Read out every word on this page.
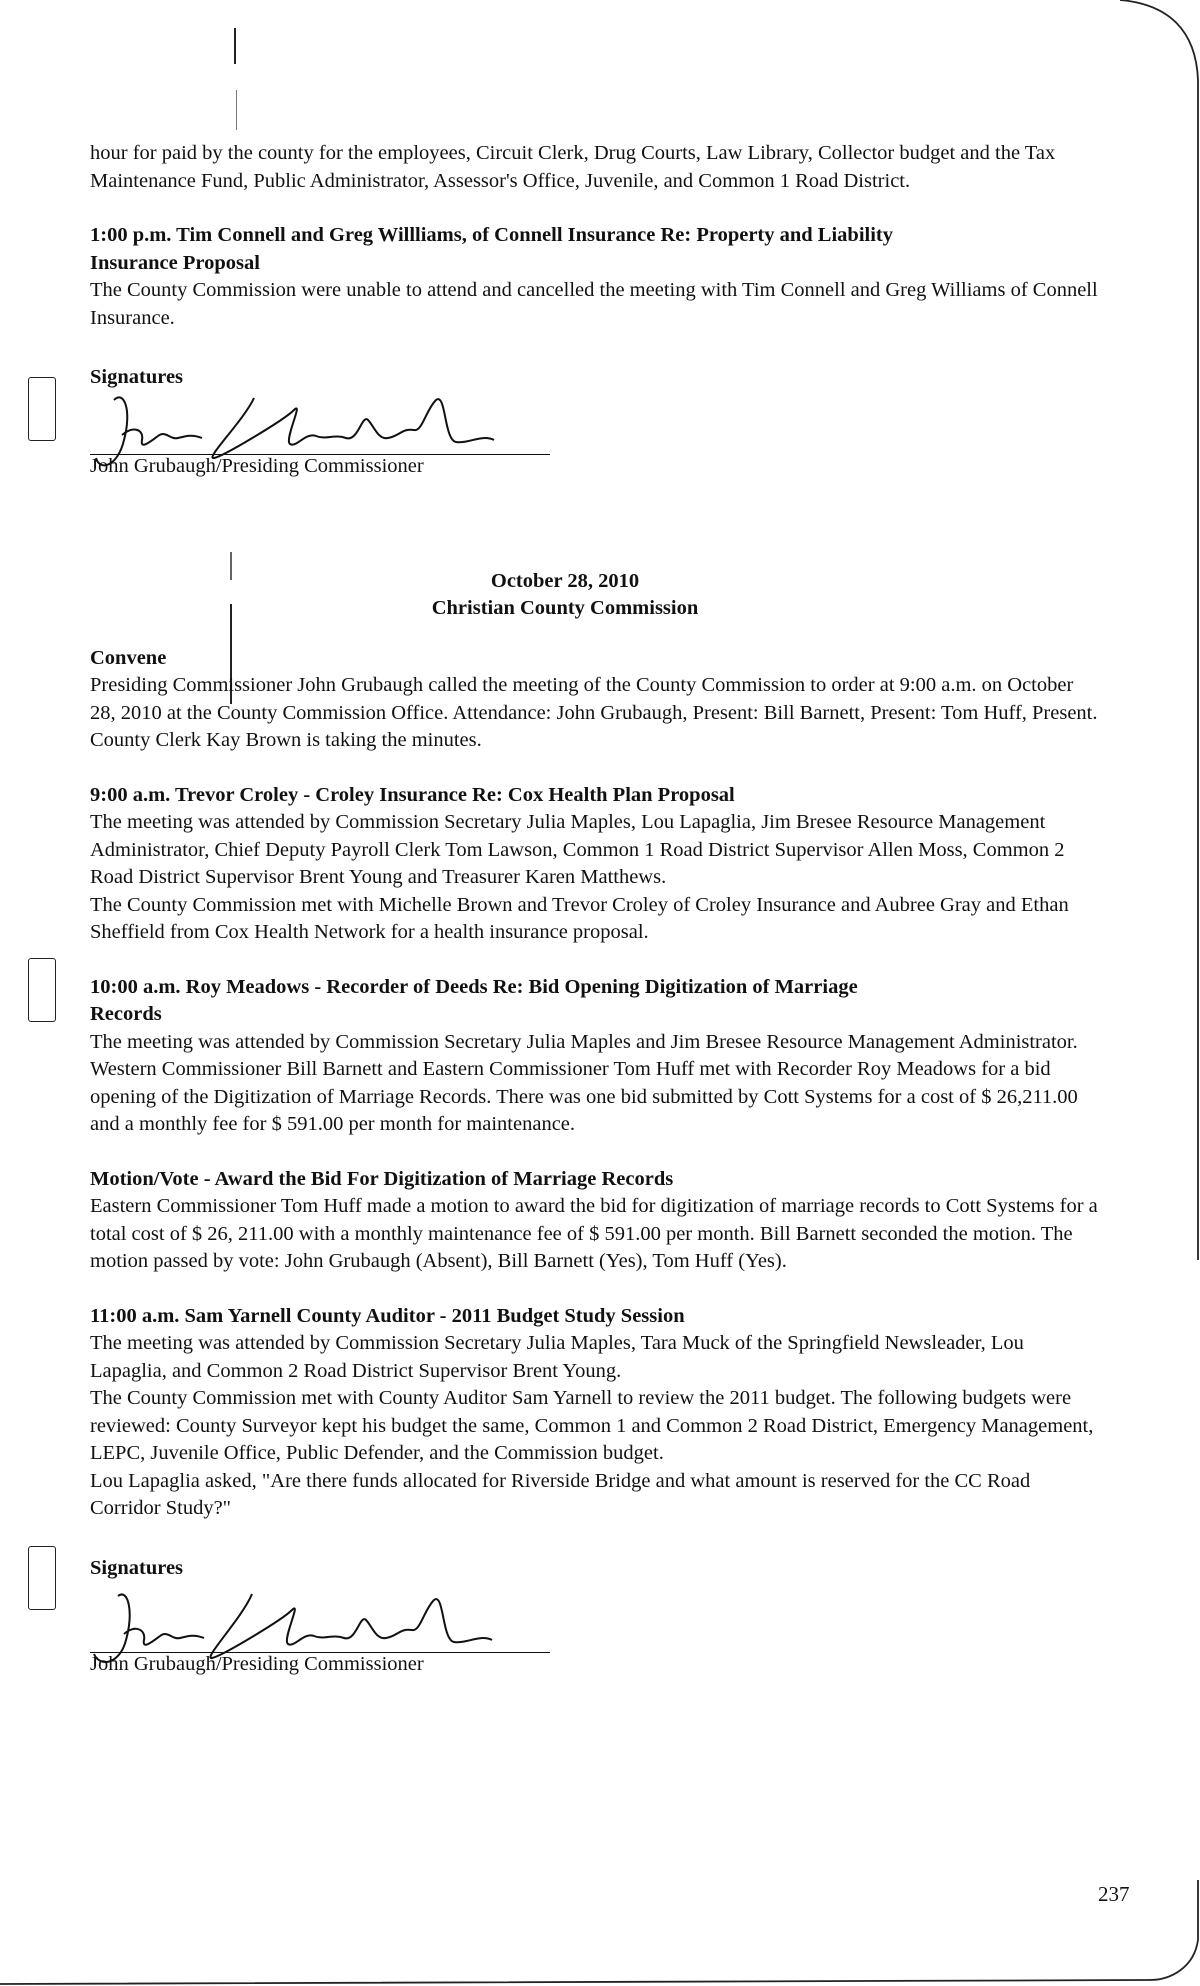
hour for paid by the county for the employees, Circuit Clerk, Drug Courts, Law Library, Collector budget and the Tax Maintenance Fund, Public Administrator, Assessor's Office, Juvenile, and Common 1 Road District.

1:00 p.m. Tim Connell and Greg Willliams, of Connell Insurance Re: Property and Liability Insurance Proposal

The County Commission were unable to attend and cancelled the meeting with Tim Connell and Greg Williams of Connell Insurance.

Signatures

John Grubaugh/Presiding Commissioner

October 28, 2010

Christian County Commission

Convene

Presiding Commissioner John Grubaugh called the meeting of the County Commission to order at 9:00 a.m. on October 28, 2010 at the County Commission Office. Attendance: John Grubaugh, Present: Bill Barnett, Present: Tom Huff, Present. County Clerk Kay Brown is taking the minutes.

9:00 a.m. Trevor Croley - Croley Insurance Re: Cox Health Plan Proposal

The meeting was attended by Commission Secretary Julia Maples, Lou Lapaglia, Jim Bresee Resource Management Administrator, Chief Deputy Payroll Clerk Tom Lawson, Common 1 Road District Supervisor Allen Moss, Common 2 Road District Supervisor Brent Young and Treasurer Karen Matthews.

The County Commission met with Michelle Brown and Trevor Croley of Croley Insurance and Aubree Gray and Ethan Sheffield from Cox Health Network for a health insurance proposal.

10:00 a.m. Roy Meadows - Recorder of Deeds Re: Bid Opening Digitization of Marriage Records

The meeting was attended by Commission Secretary Julia Maples and Jim Bresee Resource Management Administrator.

Western Commissioner Bill Barnett and Eastern Commissioner Tom Huff met with Recorder Roy Meadows for a bid opening of the Digitization of Marriage Records. There was one bid submitted by Cott Systems for a cost of $ 26,211.00 and a monthly fee for $ 591.00 per month for maintenance.

Motion/Vote - Award the Bid For Digitization of Marriage Records

Eastern Commissioner Tom Huff made a motion to award the bid for digitization of marriage records to Cott Systems for a total cost of $ 26, 211.00 with a monthly maintenance fee of $ 591.00 per month. Bill Barnett seconded the motion. The motion passed by vote: John Grubaugh (Absent), Bill Barnett (Yes), Tom Huff (Yes).

11:00 a.m. Sam Yarnell County Auditor - 2011 Budget Study Session

The meeting was attended by Commission Secretary Julia Maples, Tara Muck of the Springfield Newsleader, Lou Lapaglia, and Common 2 Road District Supervisor Brent Young.

The County Commission met with County Auditor Sam Yarnell to review the 2011 budget. The following budgets were reviewed: County Surveyor kept his budget the same, Common 1 and Common 2 Road District, Emergency Management, LEPC, Juvenile Office, Public Defender, and the Commission budget.

Lou Lapaglia asked, "Are there funds allocated for Riverside Bridge and what amount is reserved for the CC Road Corridor Study?"

Signatures

John Grubaugh/Presiding Commissioner
237
